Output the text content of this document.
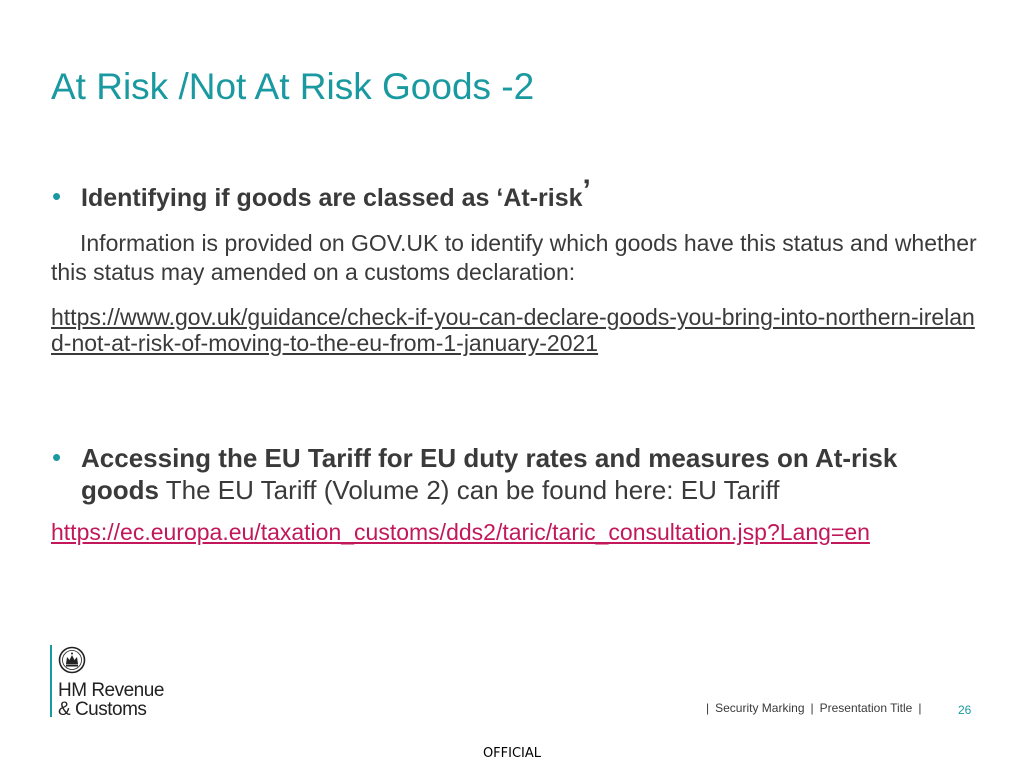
At Risk /Not At Risk Goods -2
• Identifying if goods are classed as ‘At-risk’
Information is provided on GOV.UK to identify which goods have this status and whether this status may amended on a customs declaration:
https://www.gov.uk/guidance/check-if-you-can-declare-goods-you-bring-into-northern-ireland-not-at-risk-of-moving-to-the-eu-from-1-january-2021
• Accessing the EU Tariff for EU duty rates and measures on At-risk goods The EU Tariff (Volume 2) can be found here: EU Tariff
https://ec.europa.eu/taxation_customs/dds2/taric/taric_consultation.jsp?Lang=en
HM Revenue
& Customs	| Security Marking | Presentation Title |	26
OFFICIAL
